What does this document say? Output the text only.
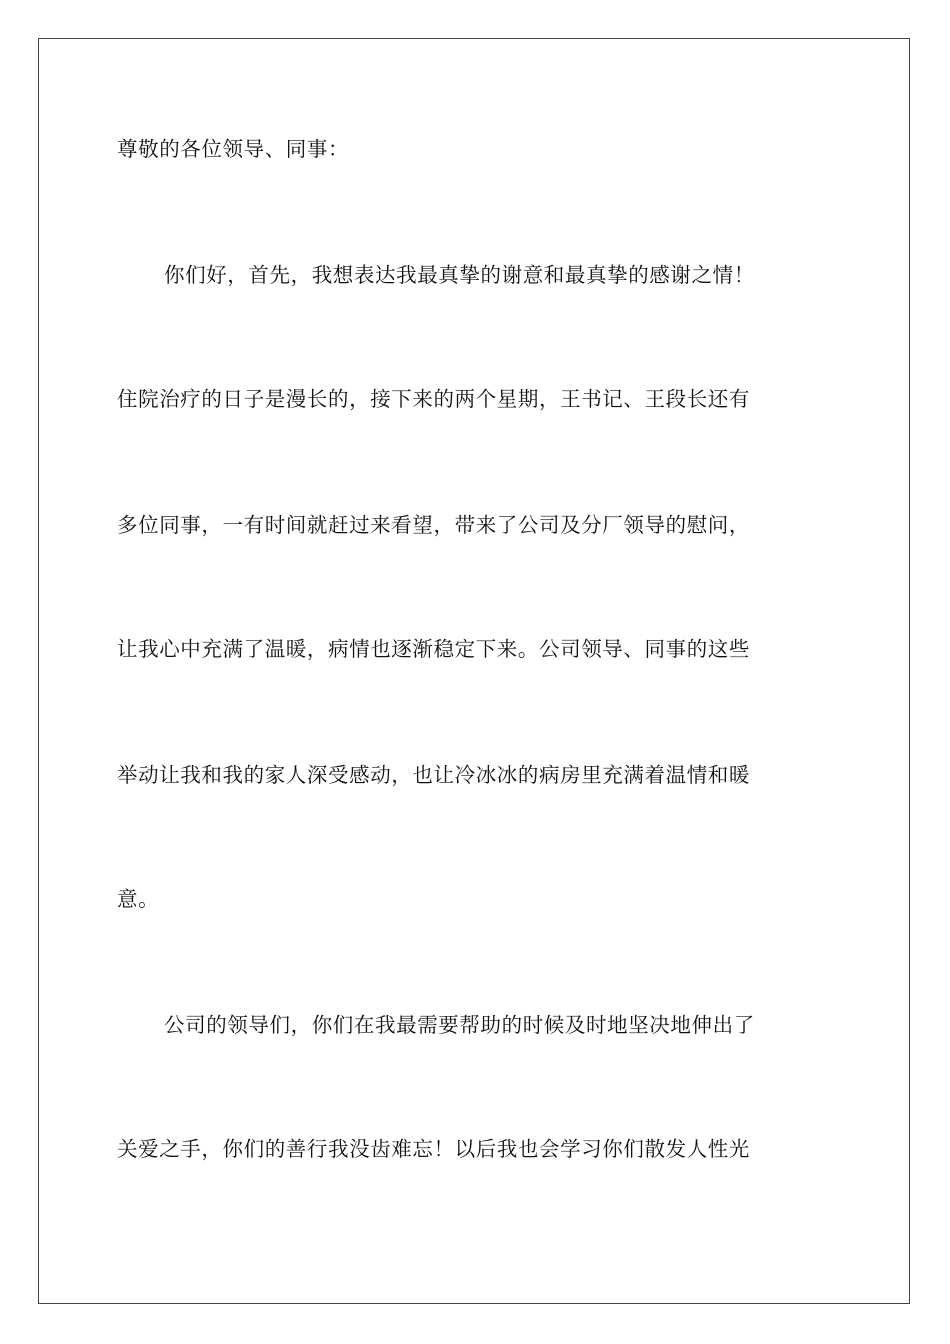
尊敬的各位领导、同事：
你们好，首先，我想表达我最真挚的谢意和最真挚的感谢之情！
住院治疗的日子是漫长的，接下来的两个星期，王书记、王段长还有
多位同事，一有时间就赶过来看望，带来了公司及分厂领导的慰问，
让我心中充满了温暖，病情也逐渐稳定下来。公司领导、同事的这些
举动让我和我的家人深受感动，也让冷冰冰的病房里充满着温情和暖
意。
公司的领导们，你们在我最需要帮助的时候及时地坚决地伸出了
关爱之手，你们的善行我没齿难忘！以后我也会学习你们散发人性光
